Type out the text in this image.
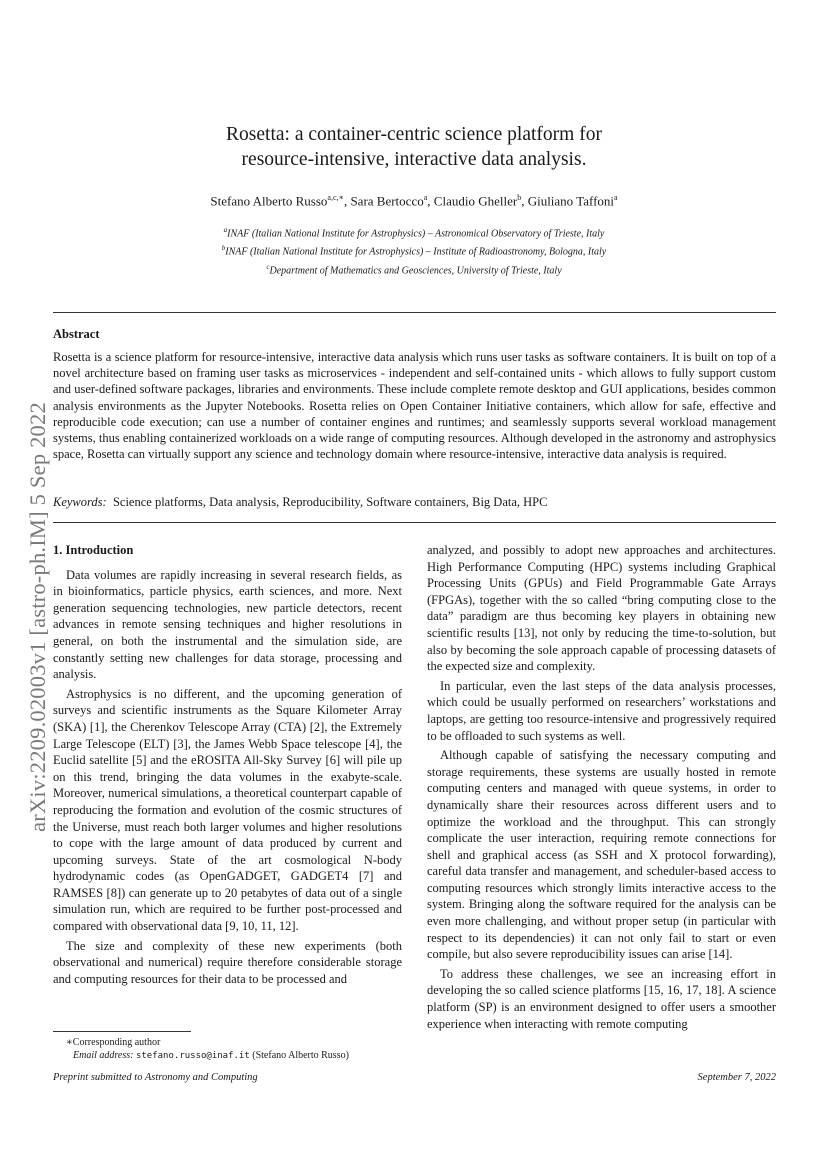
arXiv:2209.02003v1 [astro-ph.IM] 5 Sep 2022
Rosetta: a container-centric science platform for
resource-intensive, interactive data analysis.
Stefano Alberto Russo$^{a,c,∗}$, Sara Bertocco$^a$, Claudio Gheller$^b$, Giuliano Taffoni$^a$
$^a$INAF (Italian National Institute for Astrophysics) – Astronomical Observatory of Trieste, Italy
$^b$INAF (Italian National Institute for Astrophysics) – Institute of Radioastronomy, Bologna, Italy
$^c$Department of Mathematics and Geosciences, University of Trieste, Italy
Abstract
Rosetta is a science platform for resource-intensive, interactive data analysis which runs user tasks as software containers. It is built on top of a novel architecture based on framing user tasks as microservices - independent and self-contained units - which allows to fully support custom and user-defined software packages, libraries and environments. These include complete remote desktop and GUI applications, besides common analysis environments as the Jupyter Notebooks. Rosetta relies on Open Container Initiative containers, which allow for safe, effective and reproducible code execution; can use a number of container engines and runtimes; and seamlessly supports several workload management systems, thus enabling containerized workloads on a wide range of computing resources. Although developed in the astronomy and astrophysics space, Rosetta can virtually support any science and technology domain where resource-intensive, interactive data analysis is required.
Keywords: Science platforms, Data analysis, Reproducibility, Software containers, Big Data, HPC
1. Introduction

Data volumes are rapidly increasing in several research fields, as in bioinformatics, particle physics, earth sciences, and more. Next generation sequencing technologies, new particle detectors, recent advances in remote sensing techniques and higher resolutions in general, on both the instrumental and the simulation side, are constantly setting new challenges for data storage, processing and analysis.

Astrophysics is no different, and the upcoming generation of surveys and scientific instruments as the Square Kilometer Array (SKA) [1], the Cherenkov Telescope Array (CTA) [2], the Extremely Large Telescope (ELT) [3], the James Webb Space telescope [4], the Euclid satellite [5] and the eROSITA All-Sky Survey [6] will pile up on this trend, bringing the data volumes in the exabyte-scale. Moreover, numerical simulations, a theoretical counterpart capable of reproducing the formation and evolution of the cosmic structures of the Universe, must reach both larger volumes and higher resolutions to cope with the large amount of data produced by current and upcoming surveys. State of the art cosmological N-body hydrodynamic codes (as OpenGADGET, GADGET4 [7] and RAMSES [8]) can generate up to 20 petabytes of data out of a single simulation run, which are required to be further post-processed and compared with observational data [9, 10, 11, 12].

The size and complexity of these new experiments (both observational and numerical) require therefore considerable storage and computing resources for their data to be processed and

analyzed, and possibly to adopt new approaches and architectures. High Performance Computing (HPC) systems including Graphical Processing Units (GPUs) and Field Programmable Gate Arrays (FPGAs), together with the so called “bring computing close to the data” paradigm are thus becoming key players in obtaining new scientific results [13], not only by reducing the time-to-solution, but also by becoming the sole approach capable of processing datasets of the expected size and complexity.

In particular, even the last steps of the data analysis processes, which could be usually performed on researchers’ workstations and laptops, are getting too resource-intensive and progressively required to be offloaded to such systems as well.

Although capable of satisfying the necessary computing and storage requirements, these systems are usually hosted in remote computing centers and managed with queue systems, in order to dynamically share their resources across different users and to optimize the workload and the throughput. This can strongly complicate the user interaction, requiring remote connections for shell and graphical access (as SSH and X protocol forwarding), careful data transfer and management, and scheduler-based access to computing resources which strongly limits interactive access to the system. Bringing along the software required for the analysis can be even more challenging, and without proper setup (in particular with respect to its dependencies) it can not only fail to start or even compile, but also severe reproducibility issues can arise [14].

To address these challenges, we see an increasing effort in developing the so called science platforms [15, 16, 17, 18]. A science platform (SP) is an environment designed to offer users a smoother experience when interacting with remote computing

∗Corresponding author
Email address: stefano.russo@inaf.it (Stefano Alberto Russo)
Preprint submitted to Astronomy and Computing	September 7, 2022
